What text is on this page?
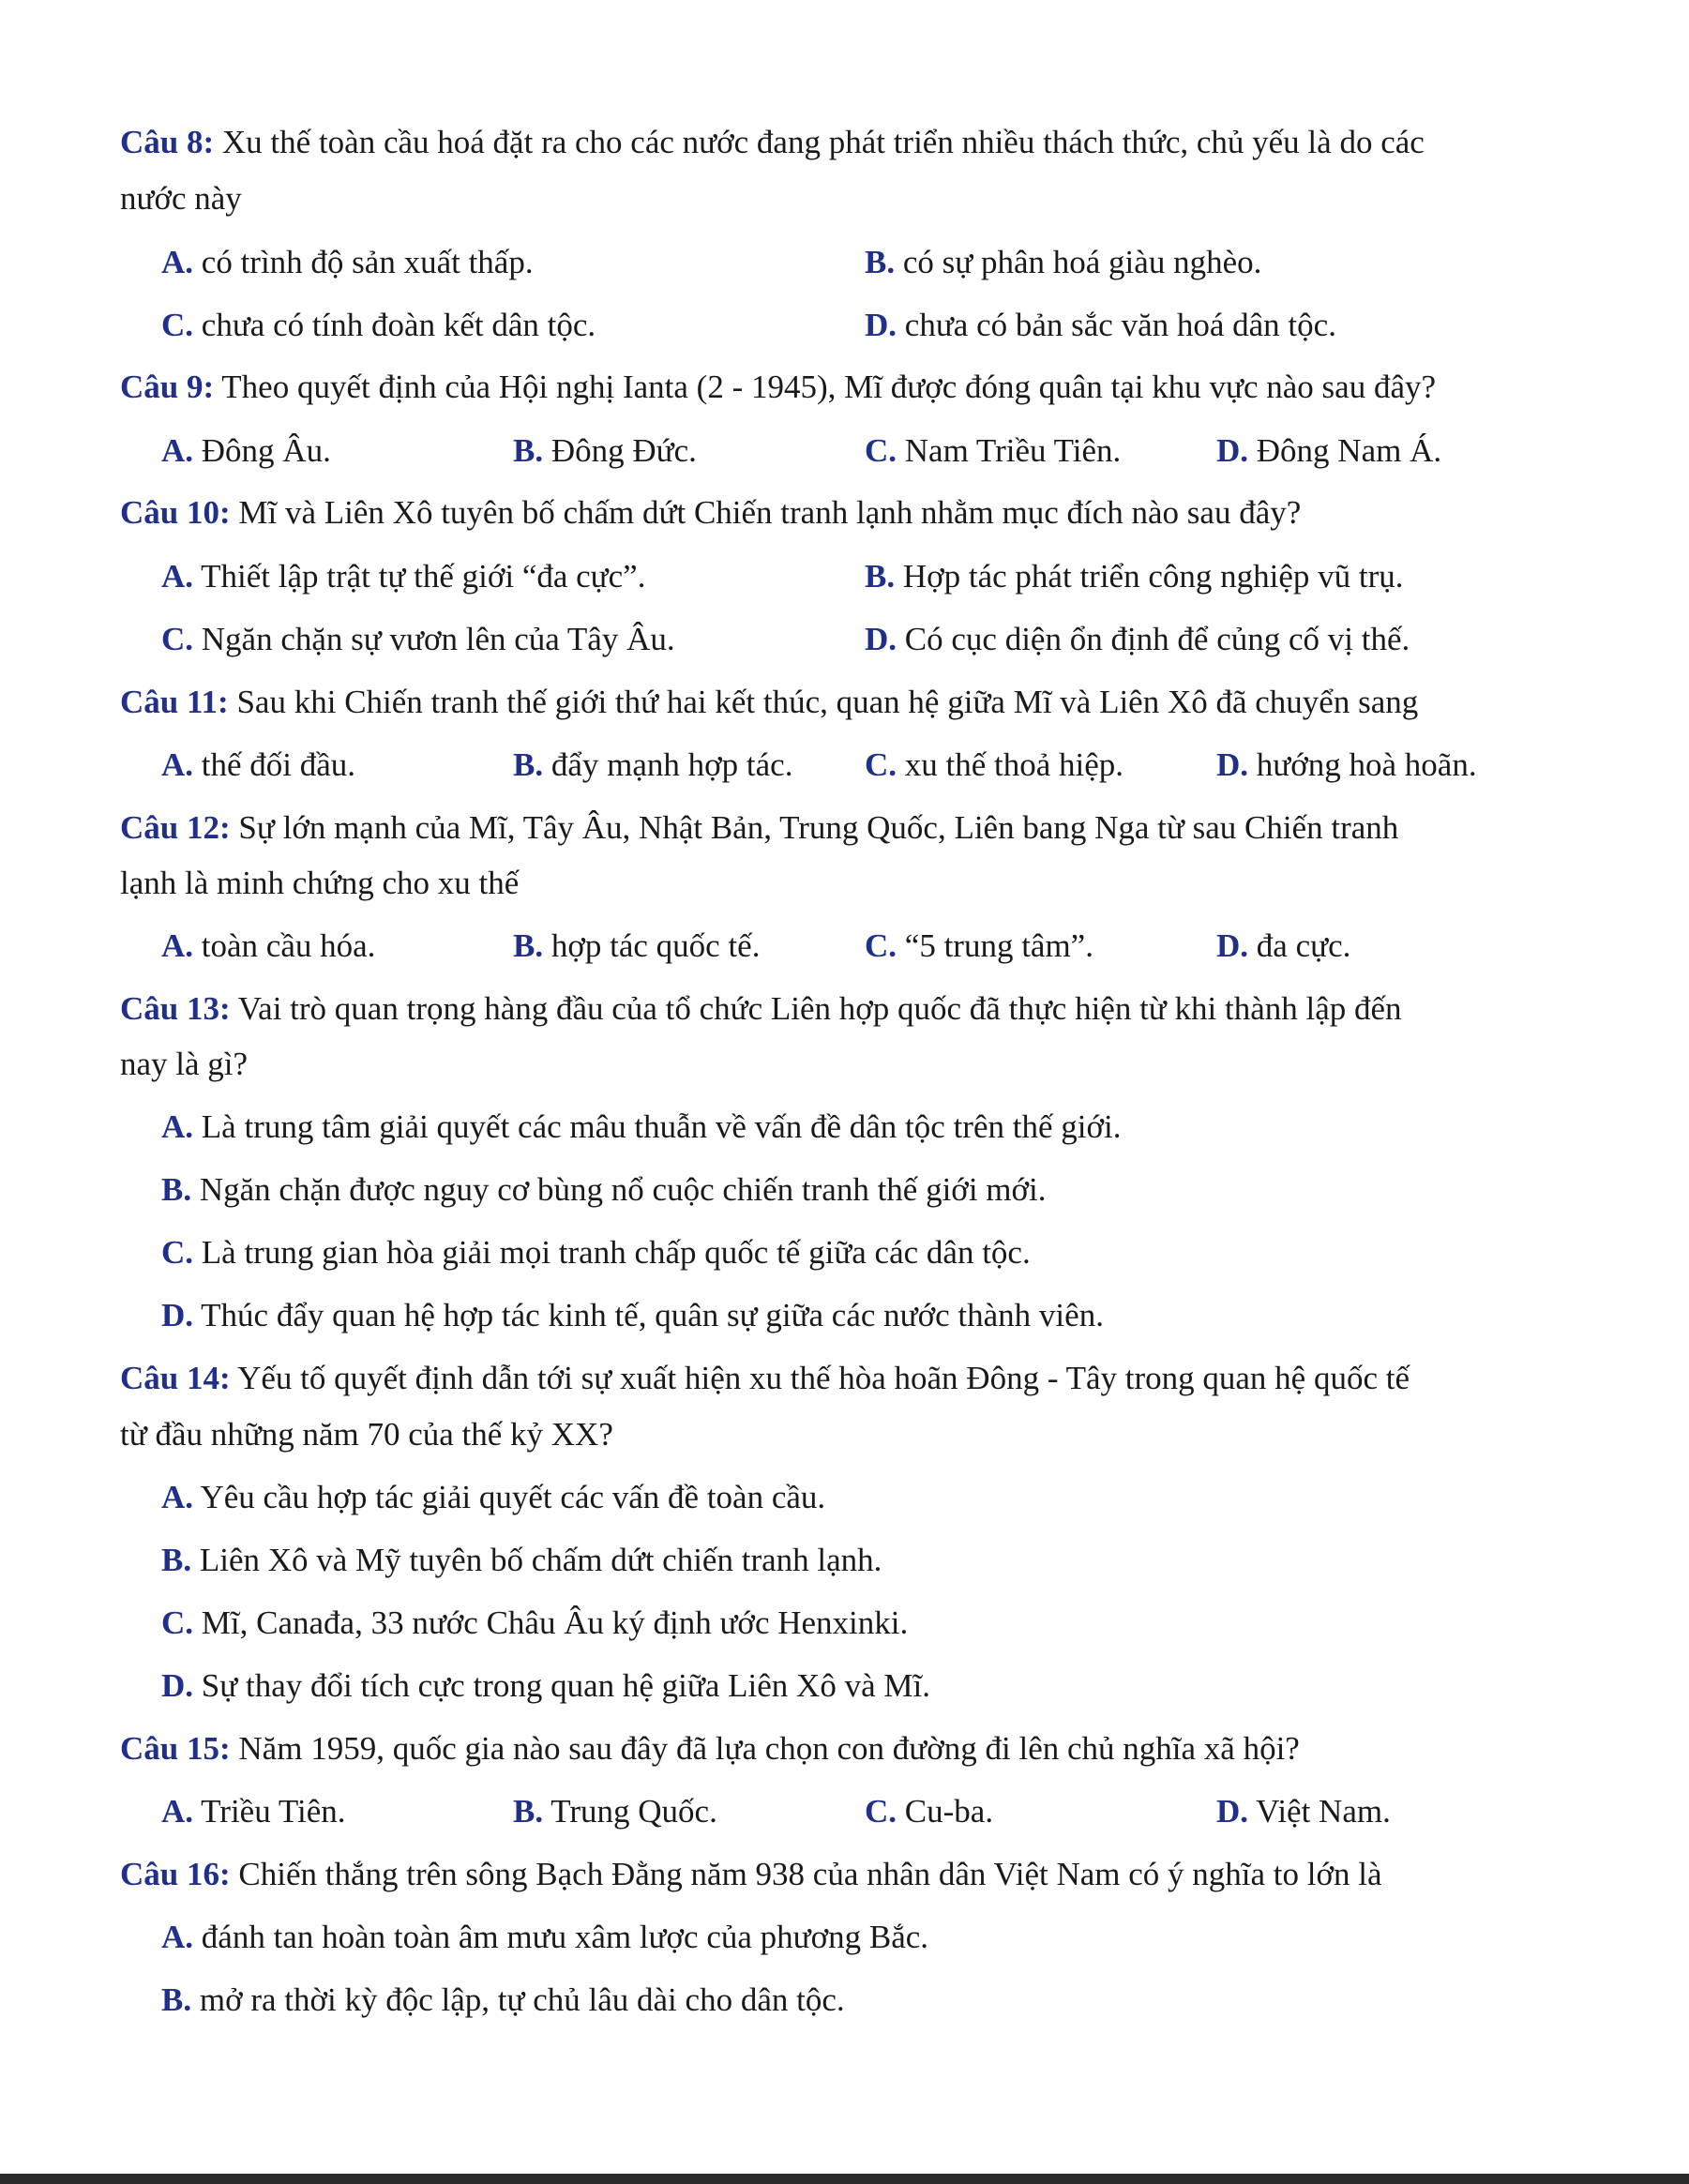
Câu 8: Xu thế toàn cầu hoá đặt ra cho các nước đang phát triển nhiều thách thức, chủ yếu là do các
nước này
A. có trình độ sản xuất thấp.	B. có sự phân hoá giàu nghèo.
C. chưa có tính đoàn kết dân tộc.	D. chưa có bản sắc văn hoá dân tộc.
Câu 9: Theo quyết định của Hội nghị Ianta (2 - 1945), Mĩ được đóng quân tại khu vực nào sau đây?
A. Đông Âu.	B. Đông Đức.	C. Nam Triều Tiên.	D. Đông Nam Á.
Câu 10: Mĩ và Liên Xô tuyên bố chấm dứt Chiến tranh lạnh nhằm mục đích nào sau đây?
A. Thiết lập trật tự thế giới “đa cực”.	B. Hợp tác phát triển công nghiệp vũ trụ.
C. Ngăn chặn sự vươn lên của Tây Âu.	D. Có cục diện ổn định để củng cố vị thế.
Câu 11: Sau khi Chiến tranh thế giới thứ hai kết thúc, quan hệ giữa Mĩ và Liên Xô đã chuyển sang
A. thế đối đầu.	B. đẩy mạnh hợp tác. C. xu thế thoả hiệp.	D. hướng hoà hoãn.
Câu 12: Sự lớn mạnh của Mĩ, Tây Âu, Nhật Bản, Trung Quốc, Liên bang Nga từ sau Chiến tranh
lạnh là minh chứng cho xu thế
A. toàn cầu hóa.	B. hợp tác quốc tế.	C. “5 trung tâm”.	D. đa cực.
Câu 13: Vai trò quan trọng hàng đầu của tổ chức Liên hợp quốc đã thực hiện từ khi thành lập đến
nay là gì?
A. Là trung tâm giải quyết các mâu thuẫn về vấn đề dân tộc trên thế giới.
B. Ngăn chặn được nguy cơ bùng nổ cuộc chiến tranh thế giới mới.
C. Là trung gian hòa giải mọi tranh chấp quốc tế giữa các dân tộc.
D. Thúc đẩy quan hệ hợp tác kinh tế, quân sự giữa các nước thành viên.
Câu 14: Yếu tố quyết định dẫn tới sự xuất hiện xu thế hòa hoãn Đông - Tây trong quan hệ quốc tế
từ đầu những năm 70 của thế kỷ XX?
A. Yêu cầu hợp tác giải quyết các vấn đề toàn cầu.
B. Liên Xô và Mỹ tuyên bố chấm dứt chiến tranh lạnh.
C. Mĩ, Canađa, 33 nước Châu Âu ký định ước Henxinki.
D. Sự thay đổi tích cực trong quan hệ giữa Liên Xô và Mĩ.
Câu 15: Năm 1959, quốc gia nào sau đây đã lựa chọn con đường đi lên chủ nghĩa xã hội?
A. Triều Tiên.	B. Trung Quốc.	C. Cu-ba.	D. Việt Nam.
Câu 16: Chiến thắng trên sông Bạch Đằng năm 938 của nhân dân Việt Nam có ý nghĩa to lớn là
A. đánh tan hoàn toàn âm mưu xâm lược của phương Bắc.
B. mở ra thời kỳ độc lập, tự chủ lâu dài cho dân tộc.
